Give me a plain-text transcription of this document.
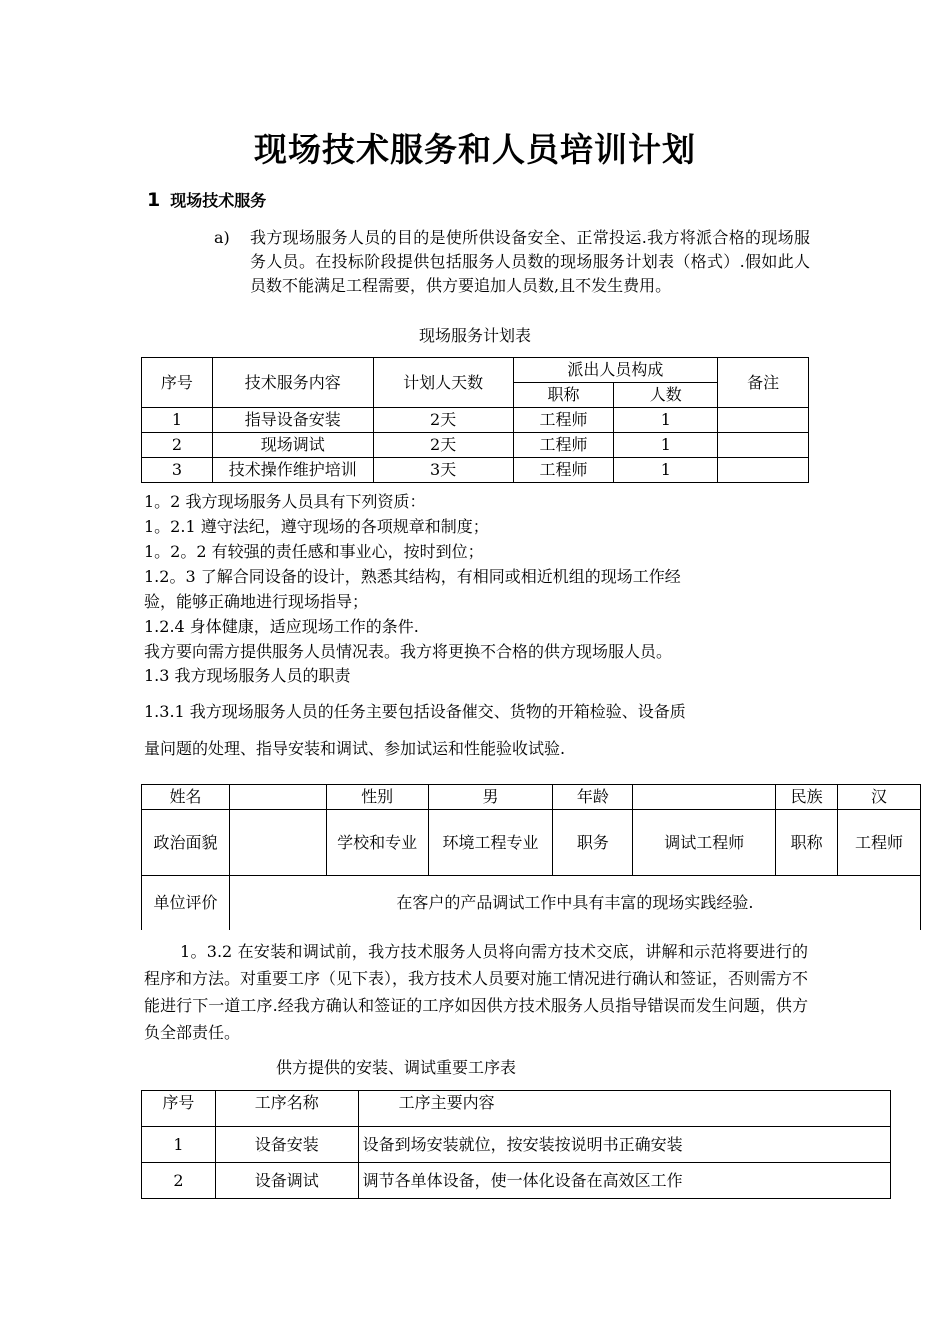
现场技术服务和人员培训计划
1 现场技术服务
a) 我方现场服务人员的目的是使所供设备安全、正常投运.我方将派合格的现场服务人员。在投标阶段提供包括服务人员数的现场服务计划表（格式）.假如此人员数不能满足工程需要，供方要追加人员数,且不发生费用。
现场服务计划表
序号	技术服务内容	计划人天数	派出人员构成		备注
			职称	人数	
1	指导设备安装	2天	工程师	1	
2	现场调试	2天	工程师	1	
3	技术操作维护培训	3天	工程师	1	
1。2 我方现场服务人员具有下列资质：
1。2.1 遵守法纪，遵守现场的各项规章和制度；
1。2。2 有较强的责任感和事业心，按时到位；
1.2。3 了解合同设备的设计，熟悉其结构，有相同或相近机组的现场工作经
验，能够正确地进行现场指导；
1.2.4 身体健康，适应现场工作的条件.
我方要向需方提供服务人员情况表。我方将更换不合格的供方现场服人员。
1.3 我方现场服务人员的职责
1.3.1 我方现场服务人员的任务主要包括设备催交、货物的开箱检验、设备质
量问题的处理、指导安装和调试、参加试运和性能验收试验.
姓名		性别	男	年龄		民族	汉
政治面貌		学校和专业	环境工程专业	职务	调试工程师	职称	工程师
单位评价	在客户的产品调试工作中具有丰富的现场实践经验.						
1。3.2 在安装和调试前，我方技术服务人员将向需方技术交底，讲解和示范将要进行的程序和方法。对重要工序（见下表），我方技术人员要对施工情况进行确认和签证，否则需方不能进行下一道工序.经我方确认和签证的工序如因供方技术服务人员指导错误而发生问题，供方负全部责任。
供方提供的安装、调试重要工序表
序号	工序名称	工序主要内容
1	设备安装	设备到场安装就位，按安装按说明书正确安装
2	设备调试	调节各单体设备，使一体化设备在高效区工作
